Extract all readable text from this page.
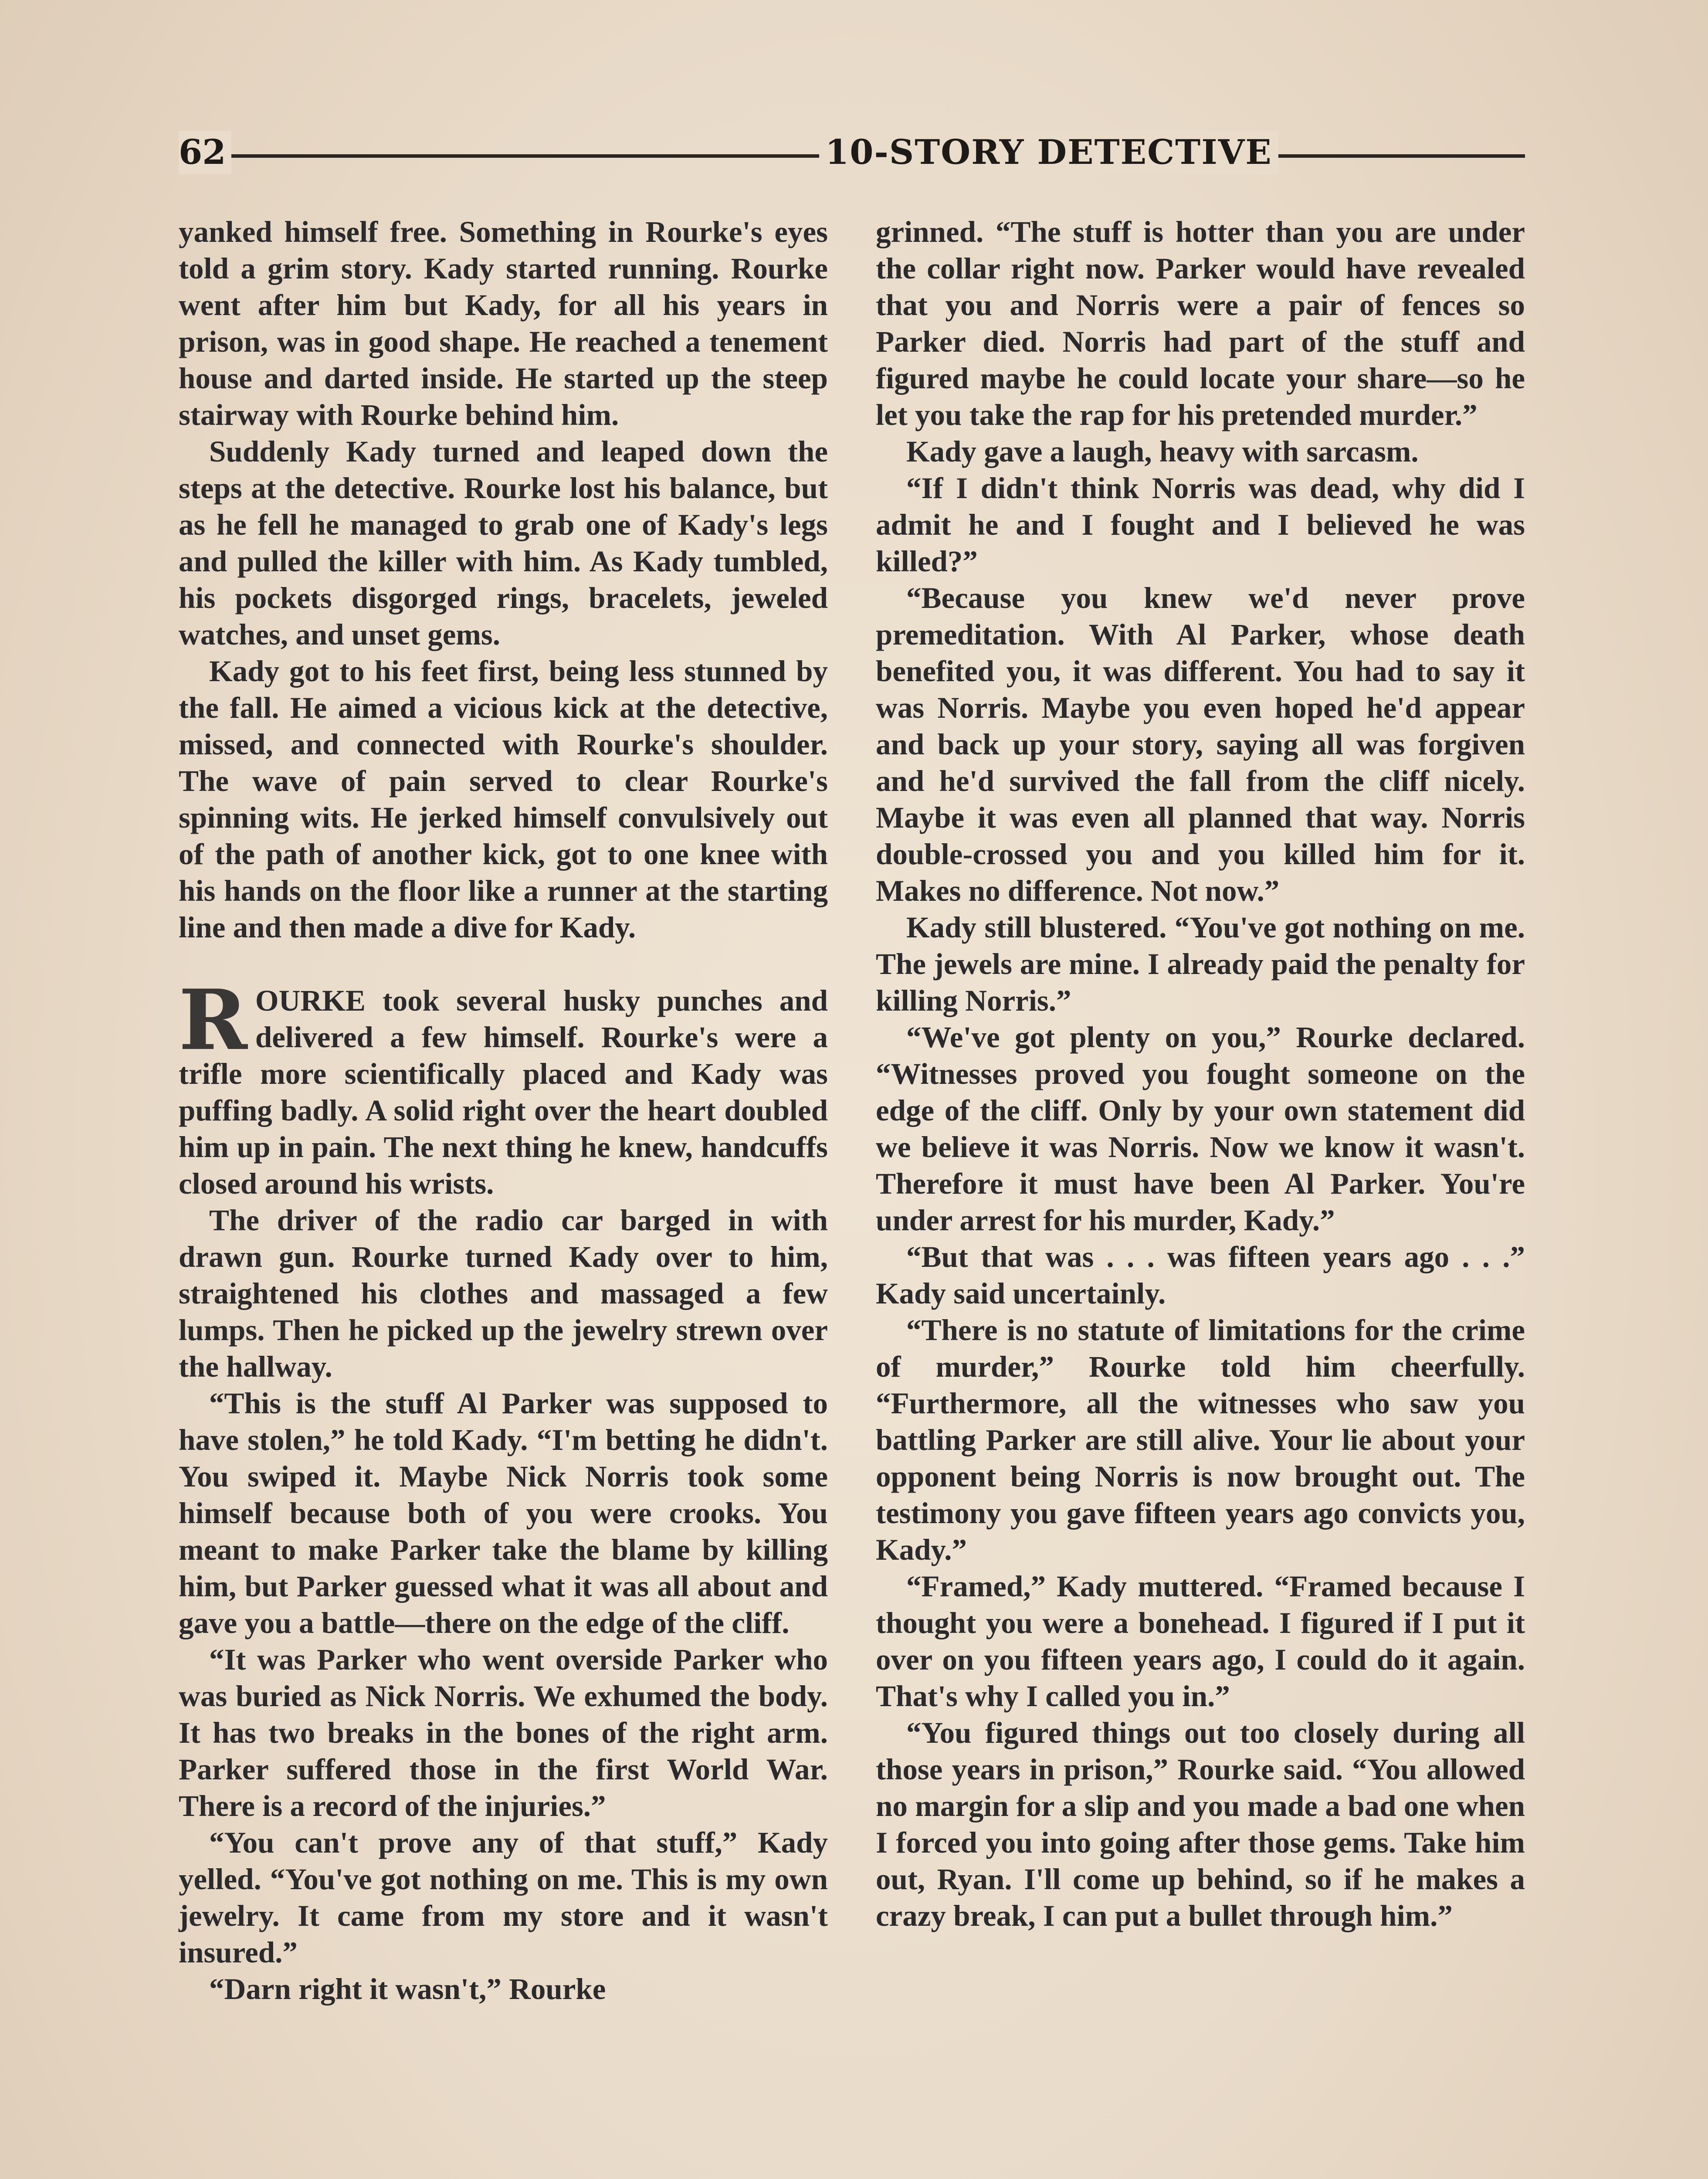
62	10-STORY DETECTIVE

yanked himself free. Something in Rourke's eyes told a grim story. Kady started running. Rourke went after him but Kady, for all his years in prison, was in good shape. He reached a tenement house and darted inside. He started up the steep stairway with Rourke behind him.

Suddenly Kady turned and leaped down the steps at the detective. Rourke lost his balance, but as he fell he managed to grab one of Kady's legs and pulled the killer with him. As Kady tumbled, his pockets disgorged rings, bracelets, jeweled watches, and unset gems.

Kady got to his feet first, being less stunned by the fall. He aimed a vicious kick at the detective, missed, and connected with Rourke's shoulder. The wave of pain served to clear Rourke's spinning wits. He jerked himself convulsively out of the path of another kick, got to one knee with his hands on the floor like a runner at the starting line and then made a dive for Kady.

ROURKE took several husky punches and delivered a few himself. Rourke's were a trifle more scientifically placed and Kady was puffing badly. A solid right over the heart doubled him up in pain. The next thing he knew, handcuffs closed around his wrists.

The driver of the radio car barged in with drawn gun. Rourke turned Kady over to him, straightened his clothes and massaged a few lumps. Then he picked up the jewelry strewn over the hallway.

“This is the stuff Al Parker was supposed to have stolen,” he told Kady. “I'm betting he didn't. You swiped it. Maybe Nick Norris took some himself because both of you were crooks. You meant to make Parker take the blame by killing him, but Parker guessed what it was all about and gave you a battle—there on the edge of the cliff.

“It was Parker who went overside Parker who was buried as Nick Norris. We exhumed the body. It has two breaks in the bones of the right arm. Parker suffered those in the first World War. There is a record of the injuries.”

“You can't prove any of that stuff,” Kady yelled. “You've got nothing on me. This is my own jewelry. It came from my store and it wasn't insured.”

“Darn right it wasn't,” Rourke

grinned. “The stuff is hotter than you are under the collar right now. Parker would have revealed that you and Norris were a pair of fences so Parker died. Norris had part of the stuff and figured maybe he could locate your share—so he let you take the rap for his pretended murder.”

Kady gave a laugh, heavy with sarcasm.

“If I didn't think Norris was dead, why did I admit he and I fought and I believed he was killed?”

“Because you knew we'd never prove premeditation. With Al Parker, whose death benefited you, it was different. You had to say it was Norris. Maybe you even hoped he'd appear and back up your story, saying all was forgiven and he'd survived the fall from the cliff nicely. Maybe it was even all planned that way. Norris double-crossed you and you killed him for it. Makes no difference. Not now.”

Kady still blustered. “You've got nothing on me. The jewels are mine. I already paid the penalty for killing Norris.”

“We've got plenty on you,” Rourke declared. “Witnesses proved you fought someone on the edge of the cliff. Only by your own statement did we believe it was Norris. Now we know it wasn't. Therefore it must have been Al Parker. You're under arrest for his murder, Kady.”

“But that was . . . was fifteen years ago . . .” Kady said uncertainly.

“There is no statute of limitations for the crime of murder,” Rourke told him cheerfully. “Furthermore, all the witnesses who saw you battling Parker are still alive. Your lie about your opponent being Norris is now brought out. The testimony you gave fifteen years ago convicts you, Kady.”

“Framed,” Kady muttered. “Framed because I thought you were a bonehead. I figured if I put it over on you fifteen years ago, I could do it again. That's why I called you in.”

“You figured things out too closely during all those years in prison,” Rourke said. “You allowed no margin for a slip and you made a bad one when I forced you into going after those gems. Take him out, Ryan. I'll come up behind, so if he makes a crazy break, I can put a bullet through him.”
